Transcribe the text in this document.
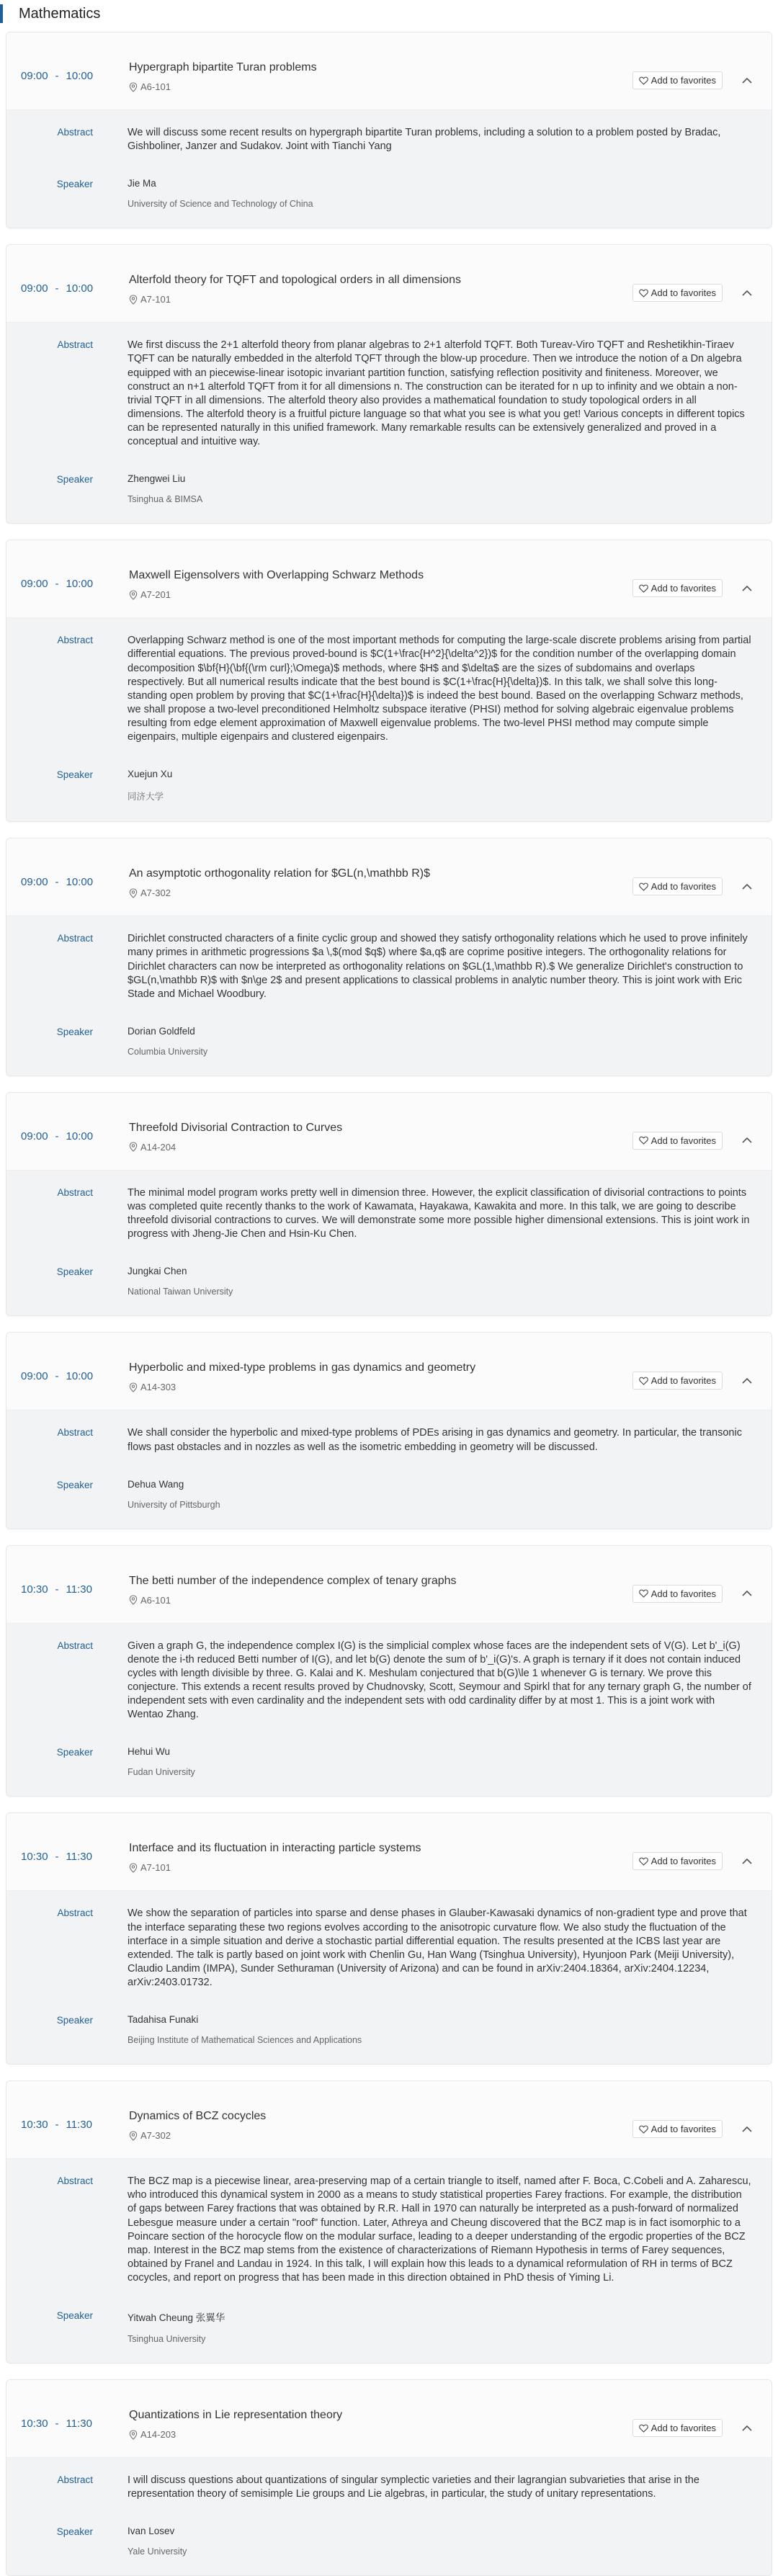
Mathematics
09:00 - 10:00
Hypergraph bipartite Turan problems
A6-101
Add to favorites
Abstract	We will discuss some recent results on hypergraph bipartite Turan problems, including a solution to a problem posted by Bradac, Gishboliner, Janzer and Sudakov. Joint with Tianchi Yang
Speaker	Jie Ma
University of Science and Technology of China
09:00 - 10:00
Alterfold theory for TQFT and topological orders in all dimensions
A7-101
Add to favorites
Abstract	We first discuss the 2+1 alterfold theory from planar algebras to 2+1 alterfold TQFT. Both Tureav-Viro TQFT and Reshetikhin-Tiraev TQFT can be naturally embedded in the alterfold TQFT through the blow-up procedure. Then we introduce the notion of a Dn algebra equipped with an piecewise-linear isotopic invariant partition function, satisfying reflection positivity and finiteness. Moreover, we construct an n+1 alterfold TQFT from it for all dimensions n. The construction can be iterated for n up to infinity and we obtain a non-trivial TQFT in all dimensions. The alterfold theory also provides a mathematical foundation to study topological orders in all dimensions. The alterfold theory is a fruitful picture language so that what you see is what you get! Various concepts in different topics can be represented naturally in this unified framework. Many remarkable results can be extensively generalized and proved in a conceptual and intuitive way.
Speaker	Zhengwei Liu
Tsinghua & BIMSA
09:00 - 10:00
Maxwell Eigensolvers with Overlapping Schwarz Methods
A7-201
Add to favorites
Abstract	Overlapping Schwarz method is one of the most important methods for computing the large-scale discrete problems arising from partial differential equations. The previous proved-bound is $C(1+\frac{H^2}{\delta^2})$ for the condition number of the overlapping domain decomposition $\bf{H}(\bf{(\rm curl};\Omega)$ methods, where $H$ and $\delta$ are the sizes of subdomains and overlaps respectively. But all numerical results indicate that the best bound is $C(1+\frac{H}{\delta})$. In this talk, we shall solve this long-standing open problem by proving that $C(1+\frac{H}{\delta})$ is indeed the best bound. Based on the overlapping Schwarz methods, we shall propose a two-level preconditioned Helmholtz subspace iterative (PHSI) method for solving algebraic eigenvalue problems resulting from edge element approximation of Maxwell eigenvalue problems. The two-level PHSI method may compute simple eigenpairs, multiple eigenpairs and clustered eigenpairs.
Speaker	Xuejun Xu
同济大学
09:00 - 10:00
An asymptotic orthogonality relation for $GL(n,\mathbb R)$
A7-302
Add to favorites
Abstract	Dirichlet constructed characters of a finite cyclic group and showed they satisfy orthogonality relations which he used to prove infinitely many primes in arithmetic progressions $a \,$(mod $q$) where $a,q$ are coprime positive integers. The orthogonality relations for Dirichlet characters can now be interpreted as orthogonality relations on $GL(1,\mathbb R).$ We generalize Dirichlet's construction to $GL(n,\mathbb R)$ with $n\ge 2$ and present applications to classical problems in analytic number theory. This is joint work with Eric Stade and Michael Woodbury.
Speaker	Dorian Goldfeld
Columbia University
09:00 - 10:00
Threefold Divisorial Contraction to Curves
A14-204
Add to favorites
Abstract	The minimal model program works pretty well in dimension three. However, the explicit classification of divisorial contractions to points was completed quite recently thanks to the work of Kawamata, Hayakawa, Kawakita and more. In this talk, we are going to describe threefold divisorial contractions to curves. We will demonstrate some more possible higher dimensional extensions. This is joint work in progress with Jheng-Jie Chen and Hsin-Ku Chen.
Speaker	Jungkai Chen
National Taiwan University
09:00 - 10:00
Hyperbolic and mixed-type problems in gas dynamics and geometry
A14-303
Add to favorites
Abstract	We shall consider the hyperbolic and mixed-type problems of PDEs arising in gas dynamics and geometry. In particular, the transonic flows past obstacles and in nozzles as well as the isometric embedding in geometry will be discussed.
Speaker	Dehua Wang
University of Pittsburgh
10:30 - 11:30
The betti number of the independence complex of tenary graphs
A6-101
Add to favorites
Abstract	Given a graph G, the independence complex I(G) is the simplicial complex whose faces are the independent sets of V(G). Let b'_i(G) denote the i-th reduced Betti number of I(G), and let b(G) denote the sum of b'_i(G)'s. A graph is ternary if it does not contain induced cycles with length divisible by three. G. Kalai and K. Meshulam conjectured that b(G)\le 1 whenever G is ternary. We prove this conjecture. This extends a recent results proved by Chudnovsky, Scott, Seymour and Spirkl that for any ternary graph G, the number of independent sets with even cardinality and the independent sets with odd cardinality differ by at most 1. This is a joint work with Wentao Zhang.
Speaker	Hehui Wu
Fudan University
10:30 - 11:30
Interface and its fluctuation in interacting particle systems
A7-101
Add to favorites
Abstract	We show the separation of particles into sparse and dense phases in Glauber-Kawasaki dynamics of non-gradient type and prove that the interface separating these two regions evolves according to the anisotropic curvature flow. We also study the fluctuation of the interface in a simple situation and derive a stochastic partial differential equation. The results presented at the ICBS last year are extended. The talk is partly based on joint work with Chenlin Gu, Han Wang (Tsinghua University), Hyunjoon Park (Meiji University), Claudio Landim (IMPA), Sunder Sethuraman (University of Arizona) and can be found in arXiv:2404.18364, arXiv:2404.12234, arXiv:2403.01732.
Speaker	Tadahisa Funaki
Beijing Institute of Mathematical Sciences and Applications
10:30 - 11:30
Dynamics of BCZ cocycles
A7-302
Add to favorites
Abstract	The BCZ map is a piecewise linear, area-preserving map of a certain triangle to itself, named after F. Boca, C.Cobeli and A. Zaharescu, who introduced this dynamical system in 2000 as a means to study statistical properties Farey fractions. For example, the distribution of gaps between Farey fractions that was obtained by R.R. Hall in 1970 can naturally be interpreted as a push-forward of normalized Lebesgue measure under a certain "roof" function. Later, Athreya and Cheung discovered that the BCZ map is in fact isomorphic to a Poincare section of the horocycle flow on the modular surface, leading to a deeper understanding of the ergodic properties of the BCZ map. Interest in the BCZ map stems from the existence of characterizations of Riemann Hypothesis in terms of Farey sequences, obtained by Franel and Landau in 1924. In this talk, I will explain how this leads to a dynamical reformulation of RH in terms of BCZ cocycles, and report on progress that has been made in this direction obtained in PhD thesis of Yiming Li.
Speaker	Yitwah Cheung 张翼华
Tsinghua University
10:30 - 11:30
Quantizations in Lie representation theory
A14-203
Add to favorites
Abstract	I will discuss questions about quantizations of singular symplectic varieties and their lagrangian subvarieties that arise in the representation theory of semisimple Lie groups and Lie algebras, in particular, the study of unitary representations.
Speaker	Ivan Losev
Yale University
